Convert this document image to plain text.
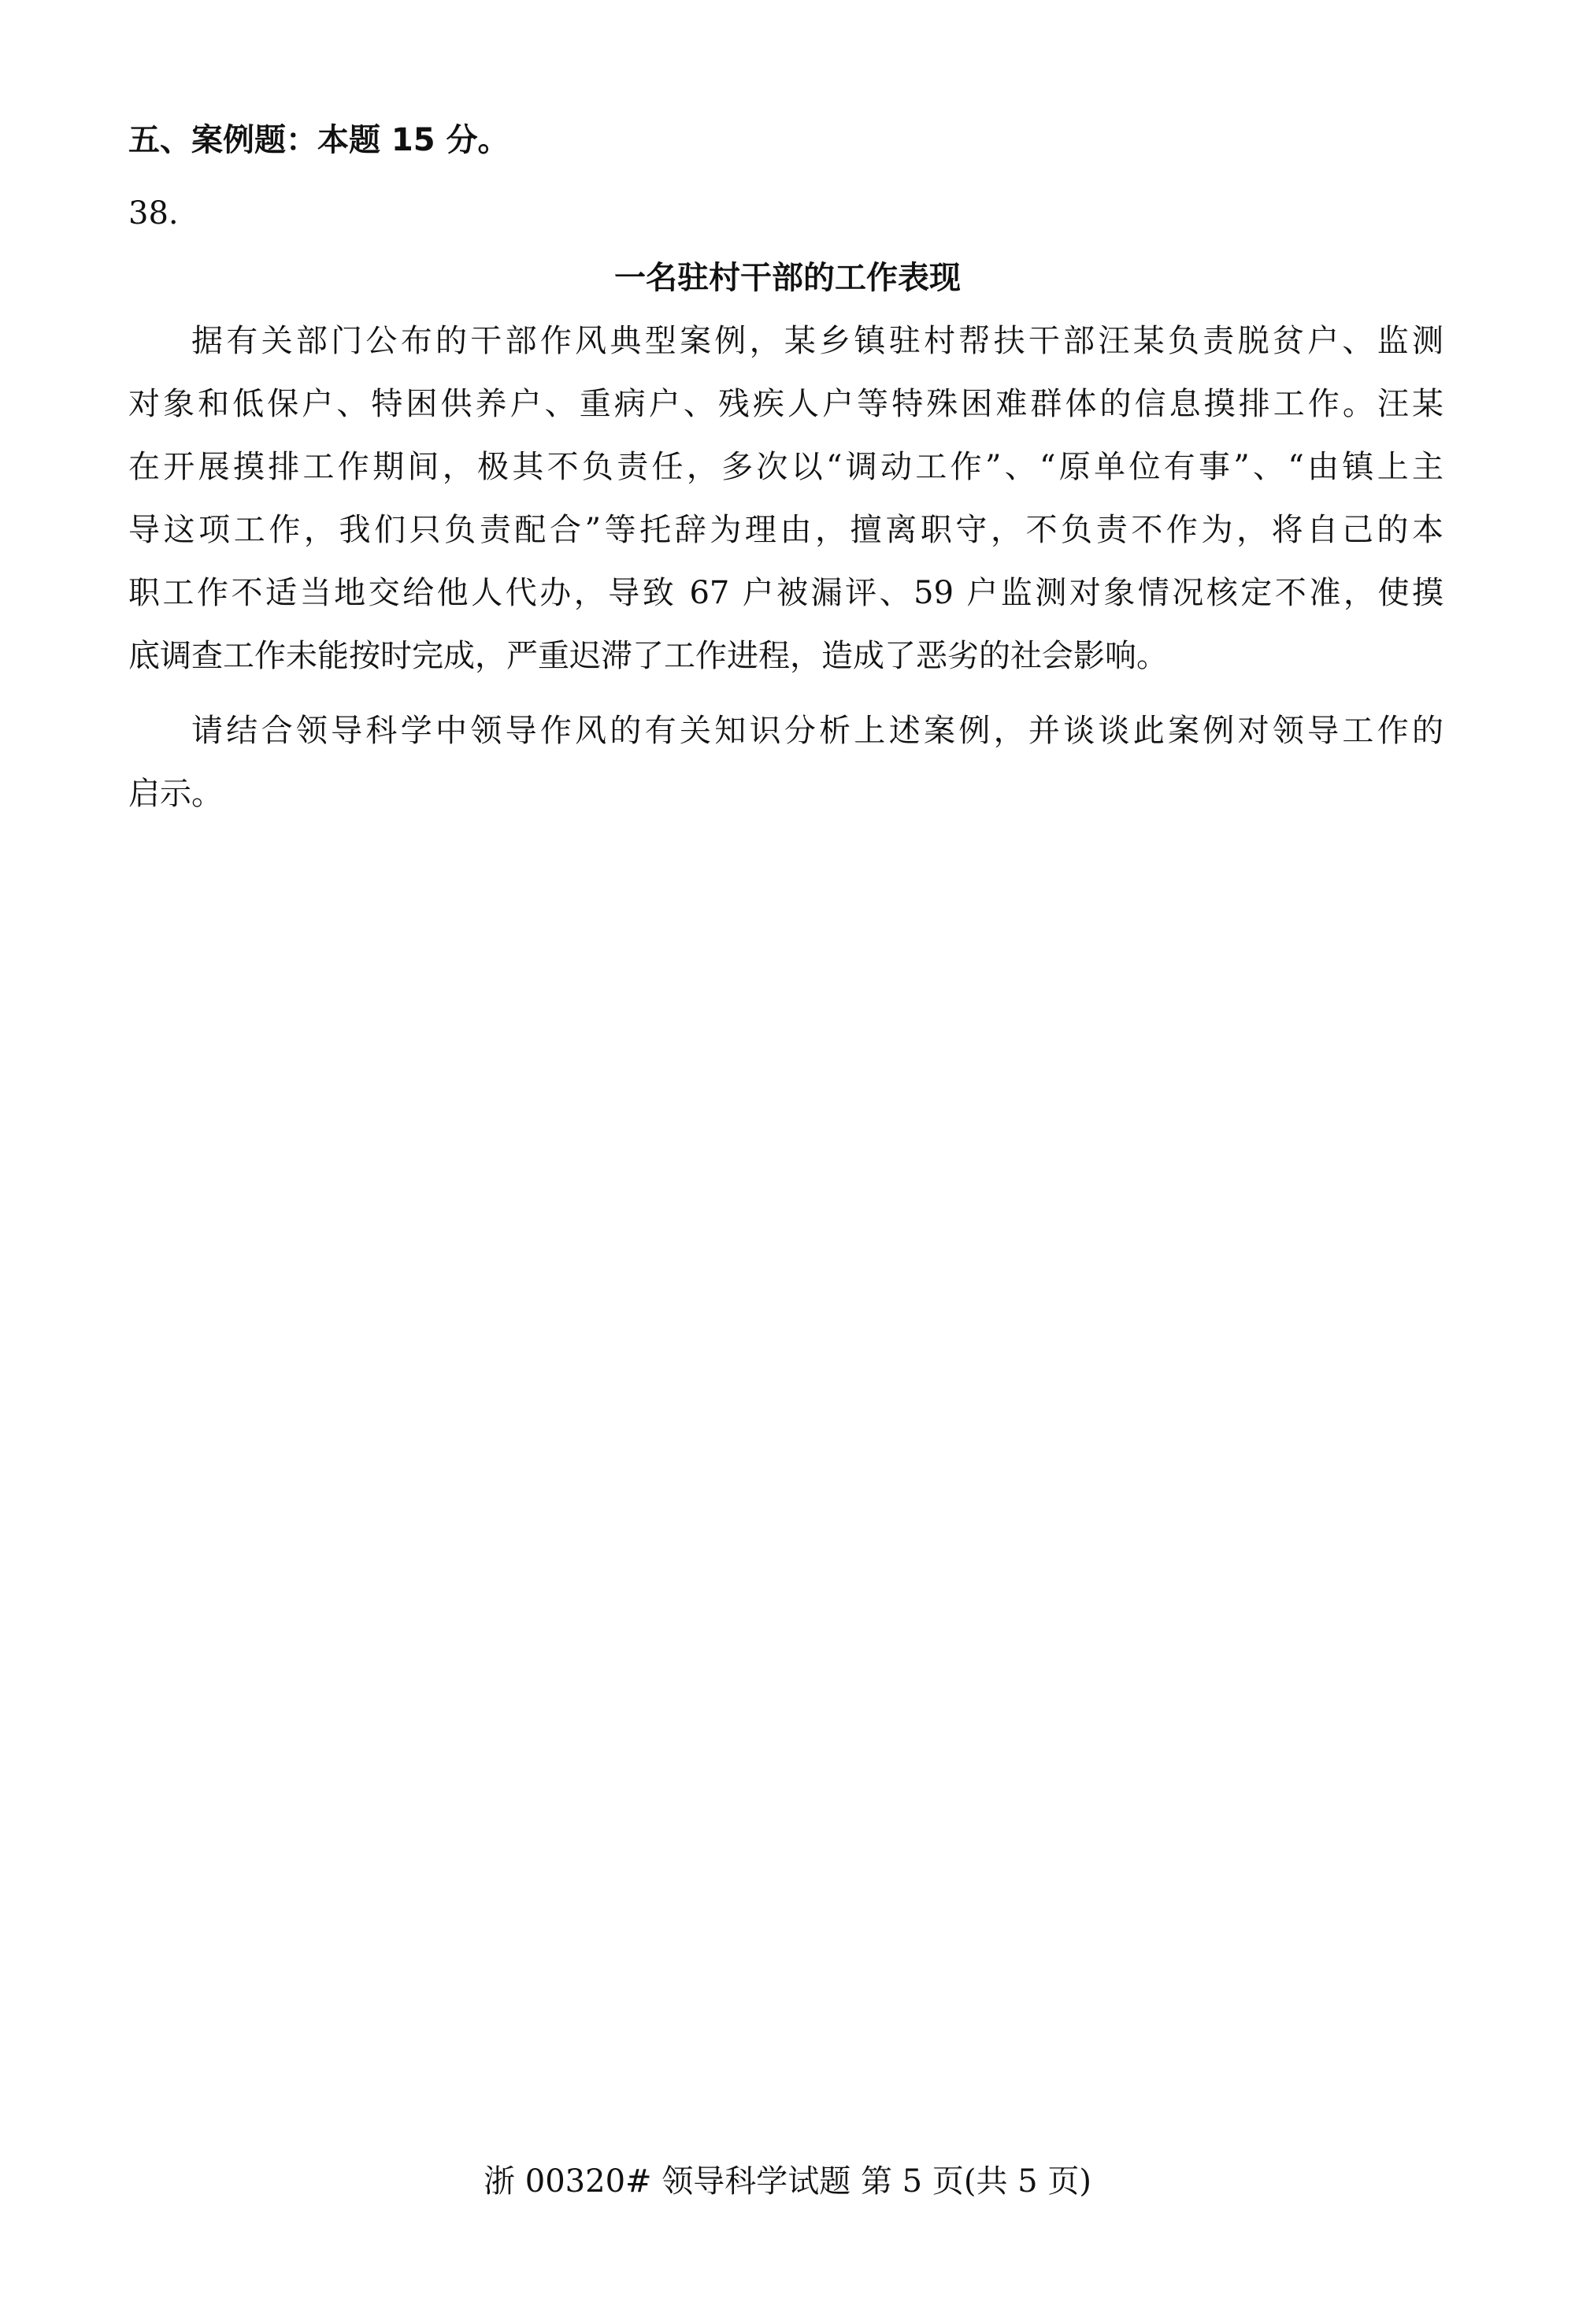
五、案例题：本题 15 分。
38.
一名驻村干部的工作表现
据有关部门公布的干部作风典型案例，某乡镇驻村帮扶干部汪某负责脱贫户、监测
对象和低保户、特困供养户、重病户、残疾人户等特殊困难群体的信息摸排工作。汪某
在开展摸排工作期间，极其不负责任，多次以“调动工作”、“原单位有事”、“由镇上主
导这项工作，我们只负责配合”等托辞为理由，擅离职守，不负责不作为，将自己的本
职工作不适当地交给他人代办，导致 67 户被漏评、59 户监测对象情况核定不准，使摸
底调查工作未能按时完成，严重迟滞了工作进程，造成了恶劣的社会影响。
请结合领导科学中领导作风的有关知识分析上述案例，并谈谈此案例对领导工作的
启示。
浙 00320# 领导科学试题 第 5 页(共 5 页)
